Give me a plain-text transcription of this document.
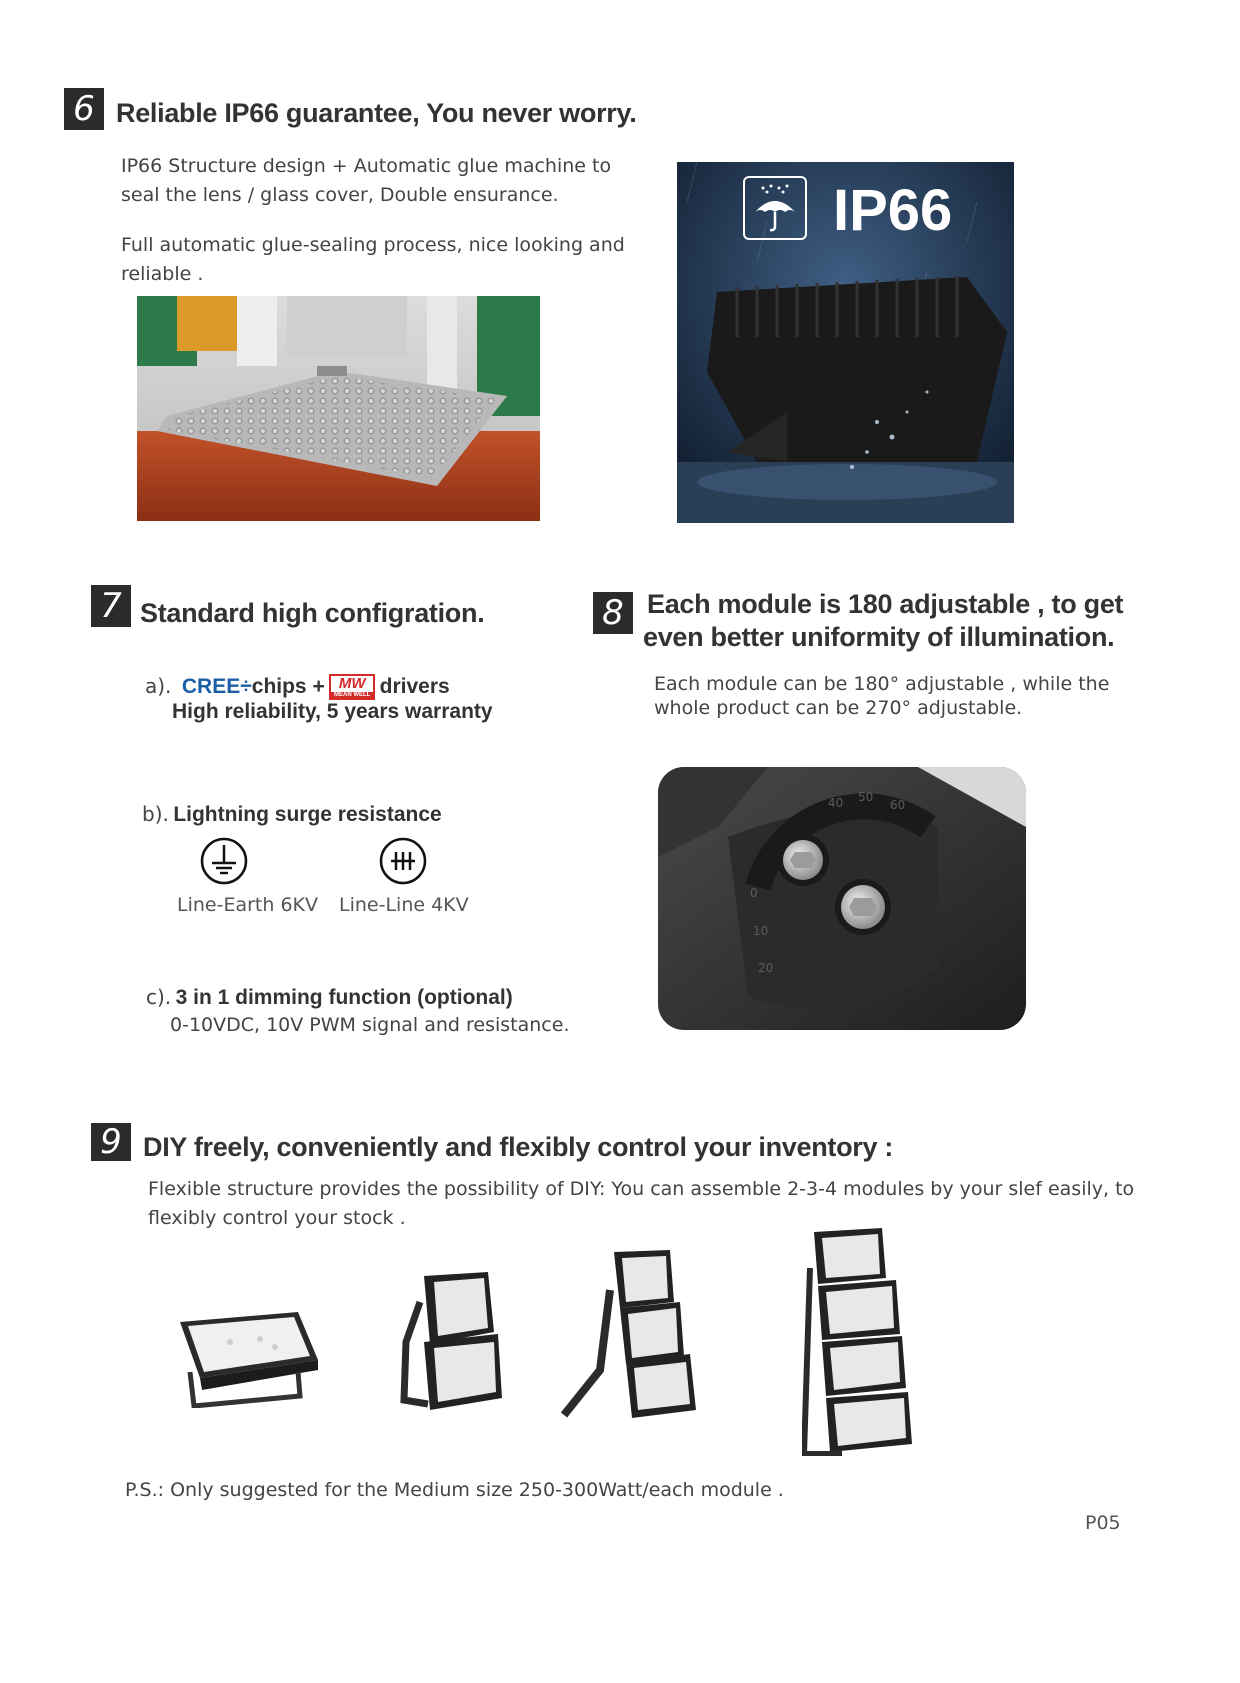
6 Reliable IP66 guarantee, You never worry.
IP66 Structure design + Automatic glue machine to
seal the lens / glass cover, Double ensurance.
Full automatic glue-sealing process, nice looking and
reliable .
IP66
7 Standard high configration.
a). CREE÷chips + MW
MEAN WELL drivers
High reliability, 5 years warranty
b). Lightning surge resistance
Line-Earth 6KV Line-Line 4KV
c). 3 in 1 dimming function (optional)
0-10VDC, 10V PWM signal and resistance.
8 Each module is 180 adjustable , to get
even better uniformity of illumination.
Each module can be 180° adjustable , while the
whole product can be 270° adjustable.
40 50
60
0
10
20
9 DIY freely, conveniently and flexibly control your inventory :
Flexible structure provides the possibility of DIY: You can assemble 2-3-4 modules by your slef easily, to
flexibly control your stock .
P.S.: Only suggested for the Medium size 250-300Watt/each module .
P05
